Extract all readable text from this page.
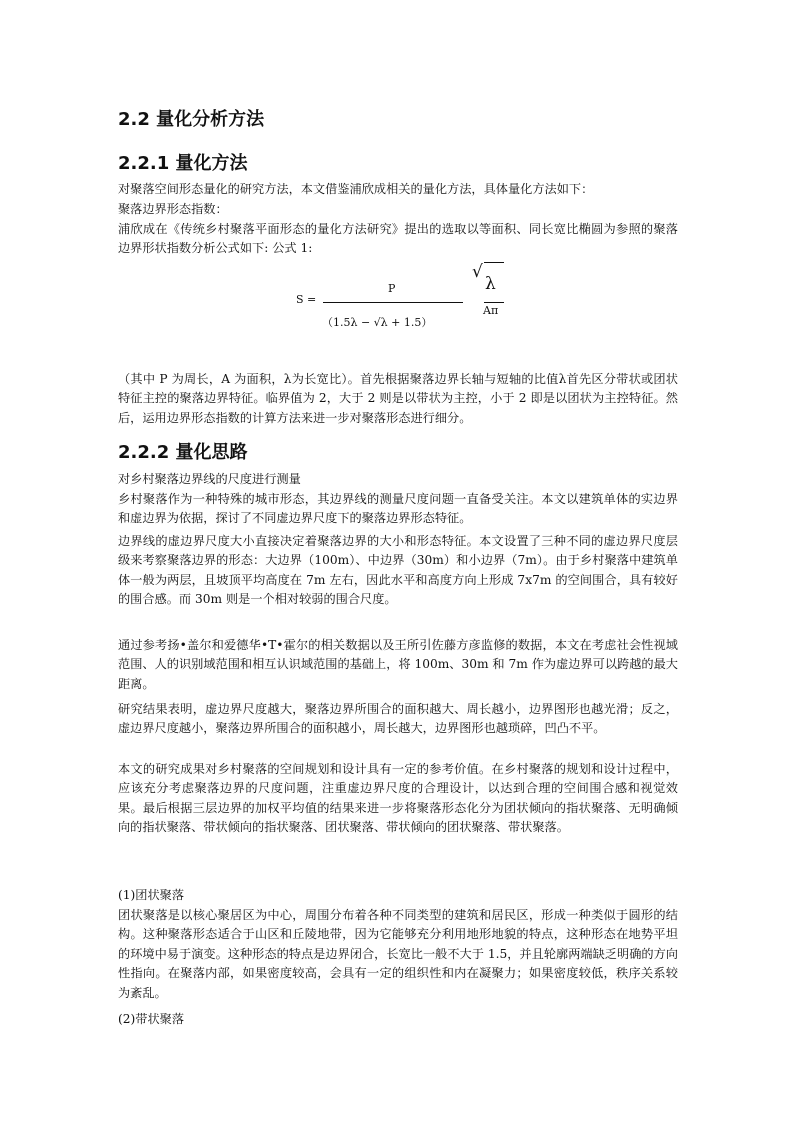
2.2 量化分析方法
2.2.1 量化方法

对聚落空间形态量化的研究方法，本文借鉴浦欣成相关的量化方法，具体量化方法如下：

聚落边界形态指数：

浦欣成在《传统乡村聚落平面形态的量化方法研究》提出的选取以等面积、同长宽比椭圆为参照的聚落边界形状指数分析公式如下: 公式 1:

S =
P
（1.5λ − √λ + 1.5）
√
λ
Aπ

（其中 P 为周长，A 为面积，λ为长宽比）。首先根据聚落边界长轴与短轴的比值λ首先区分带状或团状特征主控的聚落边界特征。临界值为 2，大于 2 则是以带状为主控，小于 2 即是以团状为主控特征。然后，运用边界形态指数的计算方法来进一步对聚落形态进行细分。

2.2.2 量化思路

对乡村聚落边界线的尺度进行测量

乡村聚落作为一种特殊的城市形态，其边界线的测量尺度问题一直备受关注。本文以建筑单体的实边界和虚边界为依据，探讨了不同虚边界尺度下的聚落边界形态特征。

边界线的虚边界尺度大小直接决定着聚落边界的大小和形态特征。本文设置了三种不同的虚边界尺度层级来考察聚落边界的形态：大边界（100m）、中边界（30m）和小边界（7m）。由于乡村聚落中建筑单体一般为两层，且坡顶平均高度在 7m 左右，因此水平和高度方向上形成 7x7m 的空间围合，具有较好的围合感。而 30m 则是一个相对较弱的围合尺度。

通过参考扬•盖尔和爱德华•T•霍尔的相关数据以及王所引佐藤方彦监修的数据，本文在考虑社会性视域范围、人的识别域范围和相互认识域范围的基础上，将 100m、30m 和 7m 作为虚边界可以跨越的最大距离。

研究结果表明，虚边界尺度越大，聚落边界所围合的面积越大、周长越小，边界图形也越光滑；反之，虚边界尺度越小，聚落边界所围合的面积越小，周长越大，边界图形也越琐碎，凹凸不平。

本文的研究成果对乡村聚落的空间规划和设计具有一定的参考价值。在乡村聚落的规划和设计过程中，应该充分考虑聚落边界的尺度问题，注重虚边界尺度的合理设计，以达到合理的空间围合感和视觉效果。最后根据三层边界的加权平均值的结果来进一步将聚落形态化分为团状倾向的指状聚落、无明确倾向的指状聚落、带状倾向的指状聚落、团状聚落、带状倾向的团状聚落、带状聚落。

(1)团状聚落

团状聚落是以核心聚居区为中心，周围分布着各种不同类型的建筑和居民区，形成一种类似于圆形的结构。这种聚落形态适合于山区和丘陵地带，因为它能够充分利用地形地貌的特点，这种形态在地势平坦的环境中易于演变。这种形态的特点是边界闭合，长宽比一般不大于 1.5，并且轮廓两端缺乏明确的方向性指向。在聚落内部，如果密度较高，会具有一定的组织性和内在凝聚力；如果密度较低，秩序关系较为紊乱。

(2)带状聚落
